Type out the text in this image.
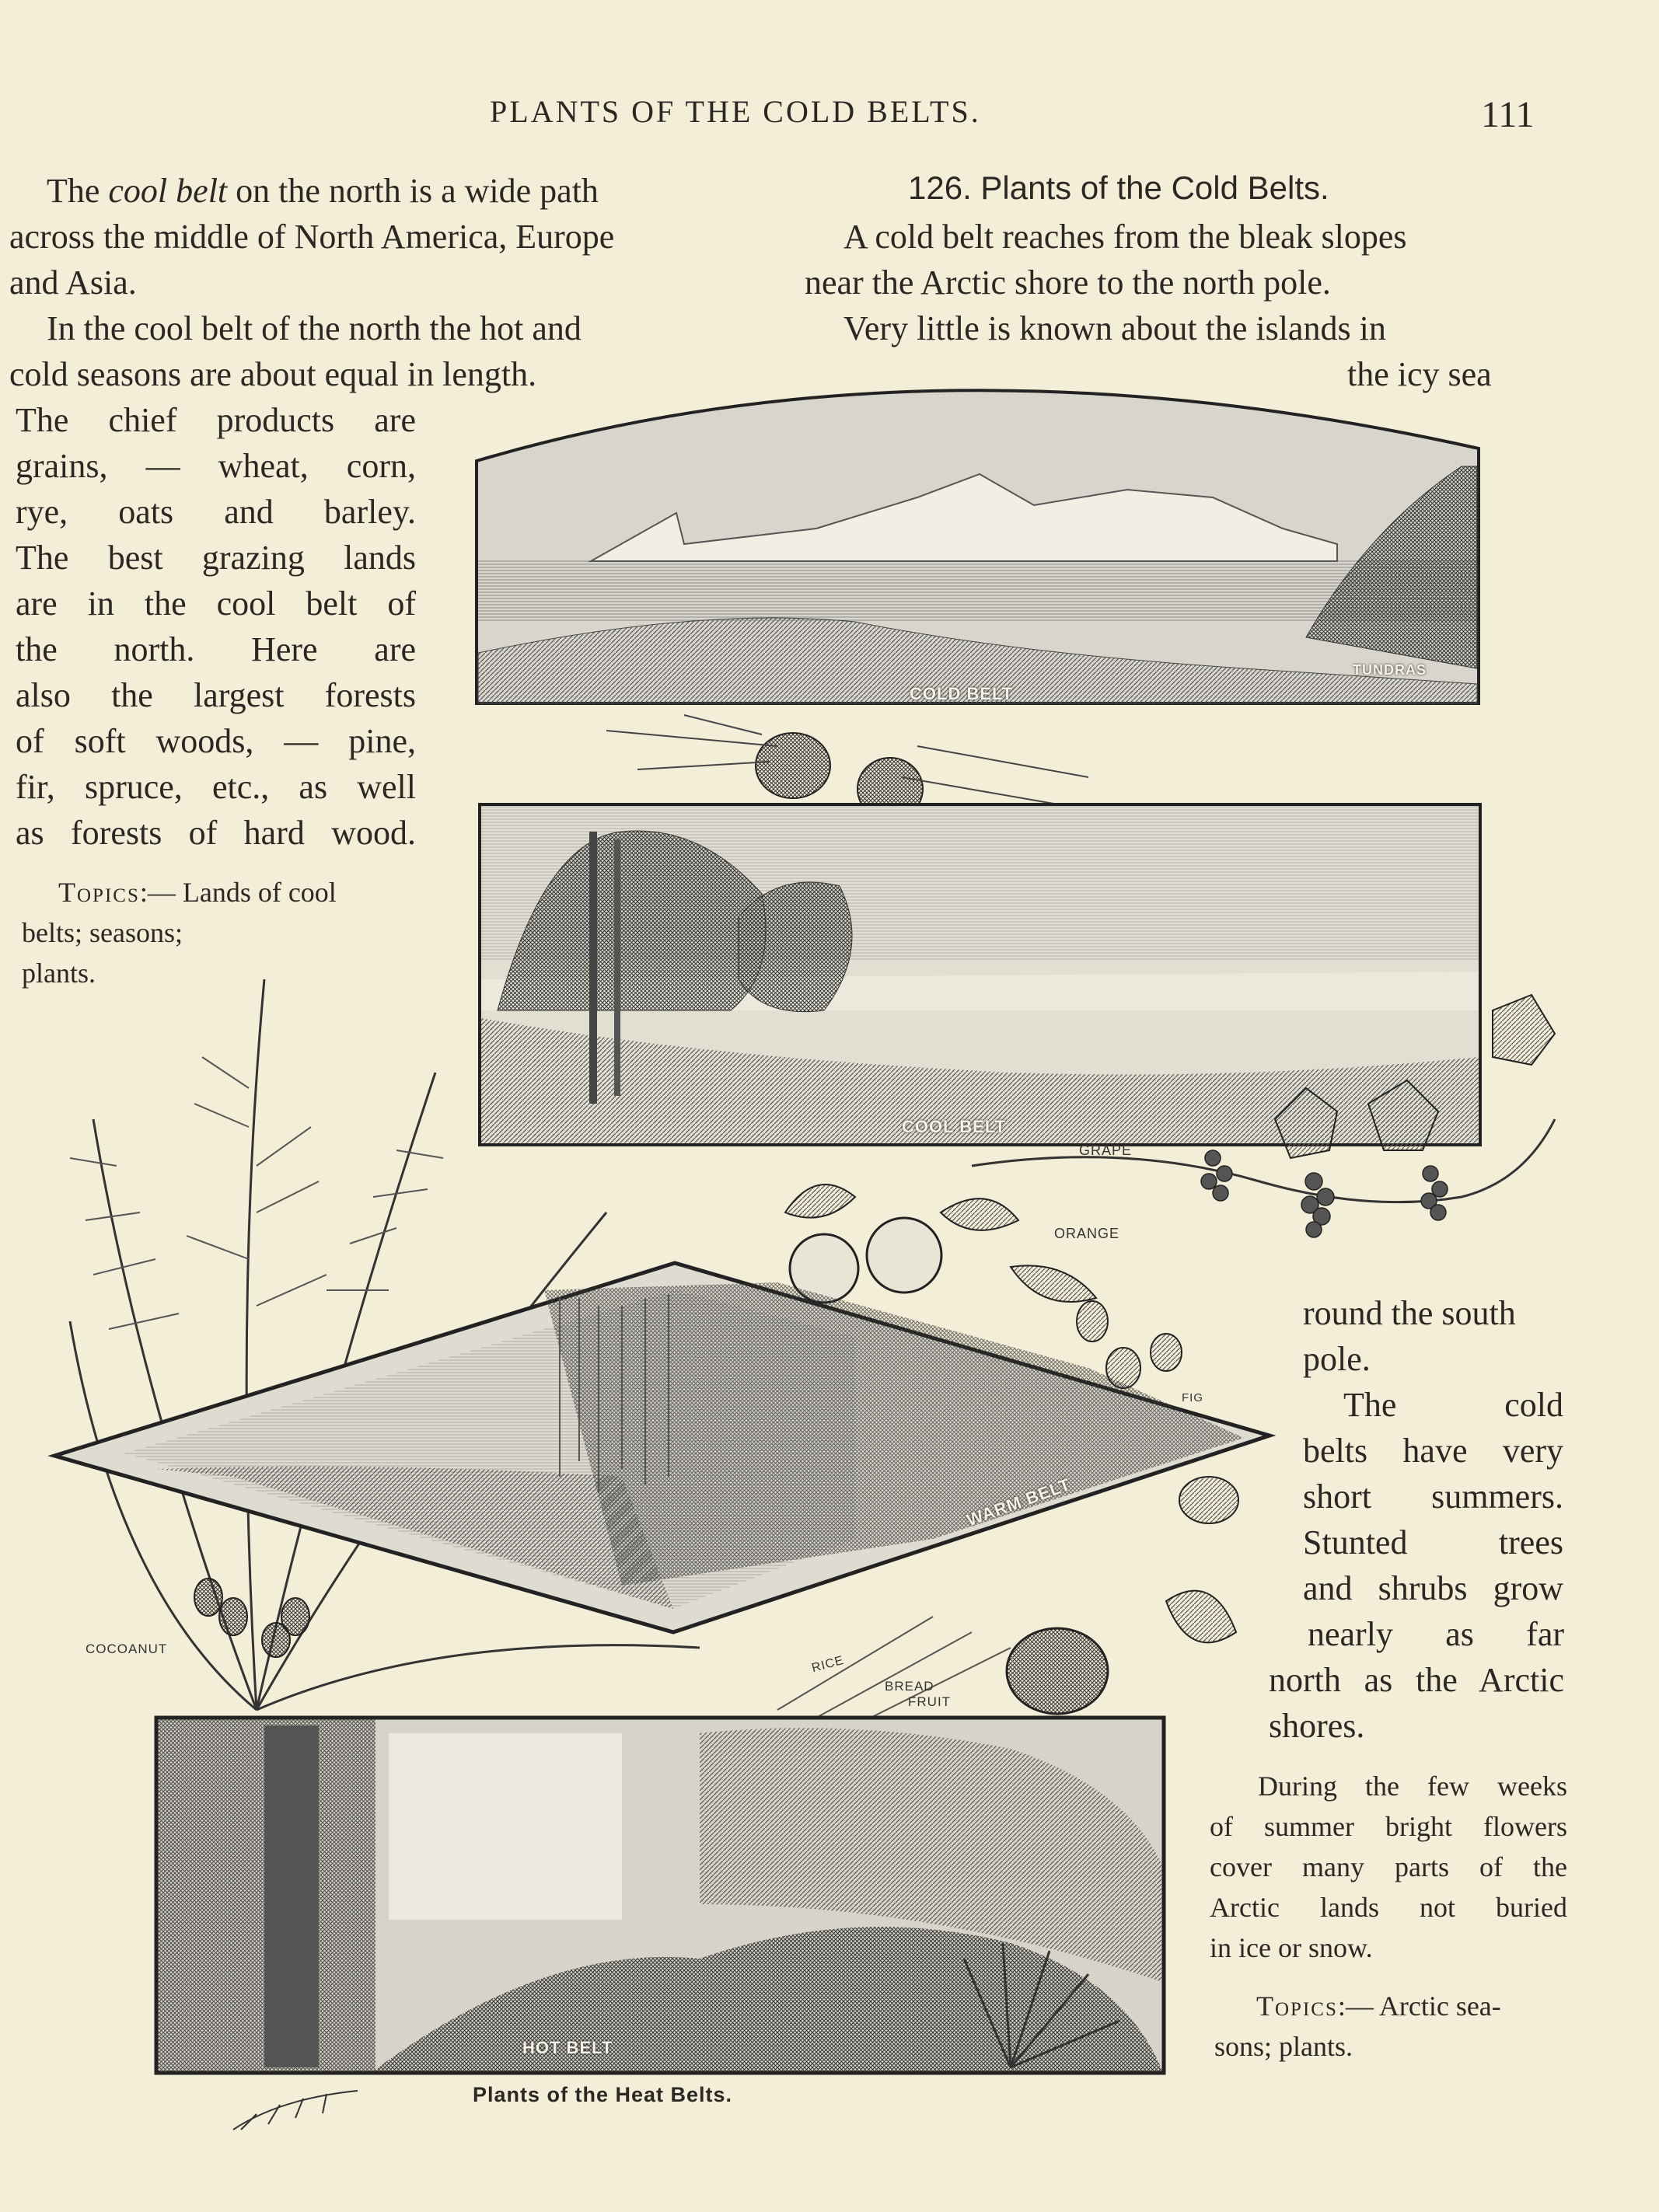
PLANTS OF THE COLD BELTS.	111
The cool belt on the north is a wide path
across the middle of North America, Europe
and Asia.
In the cool belt of the north the hot and
cold seasons are about equal in length.
The chief products are
grains, — wheat, corn,
rye, oats and barley.
The best grazing lands
are in the cool belt of
the north. Here are
also the largest forests
of soft woods, — pine,
fir, spruce, etc., as well
as forests of hard wood.
Topics:— Lands of cool
belts; seasons;
plants.
126. Plants of the Cold Belts.
A cold belt reaches from the bleak slopes
near the Arctic shore to the north pole.
Very little is known about the islands in
the icy sea
round the south
pole.
The cold
belts have very
short summers.
Stunted trees
and shrubs grow
nearly as far
north as the Arctic
shores.
During the few weeks
of summer bright flowers
cover many parts of the
Arctic lands not buried
in ice or snow.
Topics:— Arctic sea-
sons; plants.
COLD BELT
TUNDRAS
COOL BELT
GRAPE
ORANGE
FIG
WARM BELT
COCOANUT
RICE
BREAD
FRUIT
HOT BELT
Plants of the Heat Belts.
